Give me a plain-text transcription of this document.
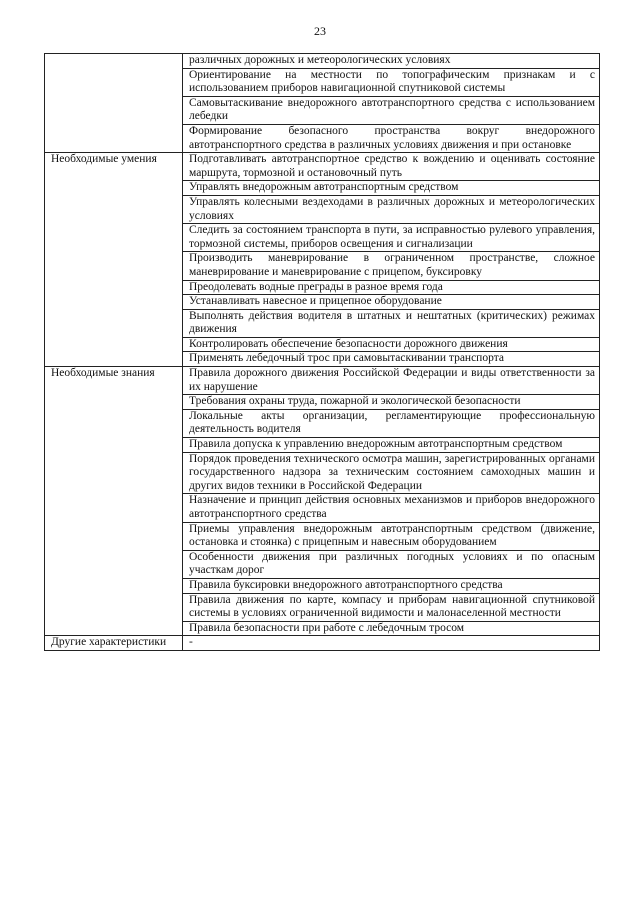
23
	различных дорожных и метеорологических условиях
	Ориентирование на местности по топографическим признакам и с использованием приборов навигационной спутниковой системы
	Самовытаскивание внедорожного автотранспортного средства с использованием лебедки
	Формирование безопасного пространства вокруг внедорожного автотранспортного средства в различных условиях движения и при остановке
Необходимые умения	Подготавливать автотранспортное средство к вождению и оценивать состояние маршрута, тормозной и остановочный путь
	Управлять внедорожным автотранспортным средством
	Управлять колесными вездеходами в различных дорожных и метеорологических условиях
	Следить за состоянием транспорта в пути, за исправностью рулевого управления, тормозной системы, приборов освещения и сигнализации
	Производить маневрирование в ограниченном пространстве, сложное маневрирование и маневрирование с прицепом, буксировку
	Преодолевать водные преграды в разное время года
	Устанавливать навесное и прицепное оборудование
	Выполнять действия водителя в штатных и нештатных (критических) режимах движения
	Контролировать обеспечение безопасности дорожного движения
	Применять лебедочный трос при самовытаскивании транспорта
Необходимые знания	Правила дорожного движения Российской Федерации и виды ответственности за их нарушение
	Требования охраны труда, пожарной и экологической безопасности
	Локальные акты организации, регламентирующие профессиональную деятельность водителя
	Правила допуска к управлению внедорожным автотранспортным средством
	Порядок проведения технического осмотра машин, зарегистрированных органами государственного надзора за техническим состоянием самоходных машин и других видов техники в Российской Федерации
	Назначение и принцип действия основных механизмов и приборов внедорожного автотранспортного средства
	Приемы управления внедорожным автотранспортным средством (движение, остановка и стоянка) с прицепным и навесным оборудованием
	Особенности движения при различных погодных условиях и по опасным участкам дорог
	Правила буксировки внедорожного автотранспортного средства
	Правила движения по карте, компасу и приборам навигационной спутниковой системы в условиях ограниченной видимости и малонаселенной местности
	Правила безопасности при работе с лебедочным тросом
Другие характеристики	-
